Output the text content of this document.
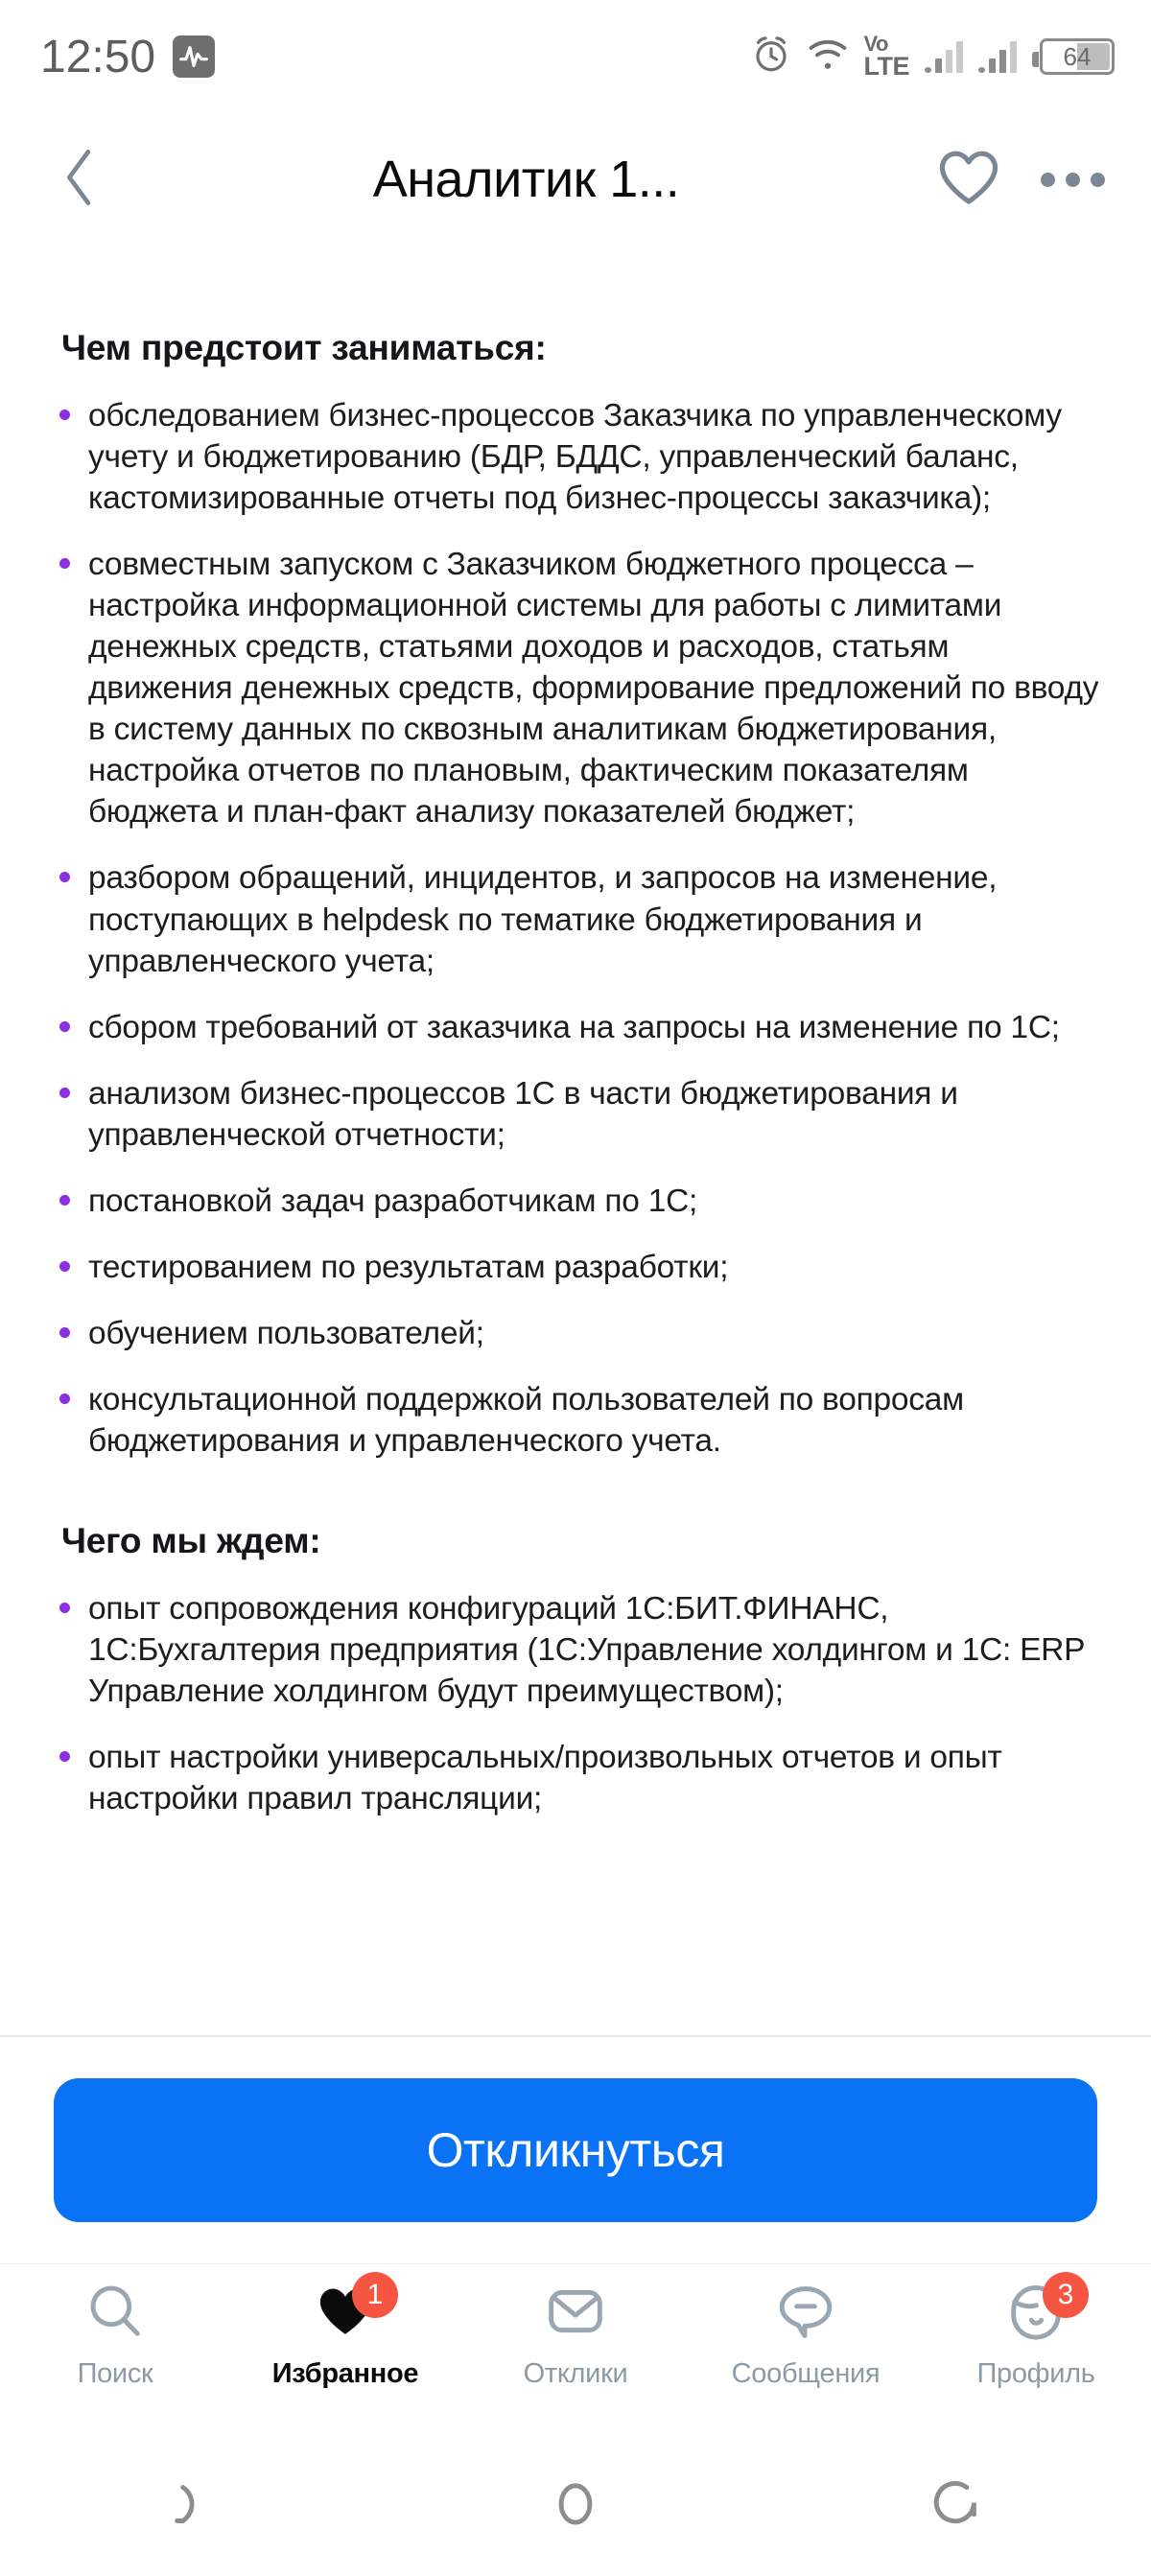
12:50	Vo
LTE	64
Аналитик 1...
Чем предстоит заниматься:
обследованием бизнес-процессов Заказчика по управленческому учету и бюджетированию (БДР, БДДС, управленческий баланс, кастомизированные отчеты под бизнес-процессы заказчика);
совместным запуском с Заказчиком бюджетного процесса – настройка информационной системы для работы с лимитами денежных средств, статьями доходов и расходов, статьям движения денежных средств, формирование предложений по вводу в систему данных по сквозным аналитикам бюджетирования, настройка отчетов по плановым, фактическим показателям бюджета и план-факт анализу показателей бюджет;
разбором обращений, инцидентов, и запросов на изменение, поступающих в helpdesk по тематике бюджетирования и управленческого учета;
сбором требований от заказчика на запросы на изменение по 1С;
анализом бизнес-процессов 1С в части бюджетирования и управленческой отчетности;
постановкой задач разработчикам по 1С;
тестированием по результатам разработки;
обучением пользователей;
консультационной поддержкой пользователей по вопросам бюджетирования и управленческого учета.
Чего мы ждем:
опыт сопровождения конфигураций 1С:БИТ.ФИНАНС, 1С:Бухгалтерия предприятия (1С:Управление холдингом и 1С: ERP Управление холдингом будут преимуществом);
опыт настройки универсальных/произвольных отчетов и опыт настройки правил трансляции;
Откликнуться
Поиск
1
Избранное	Отклики	Сообщения
3
Профиль
